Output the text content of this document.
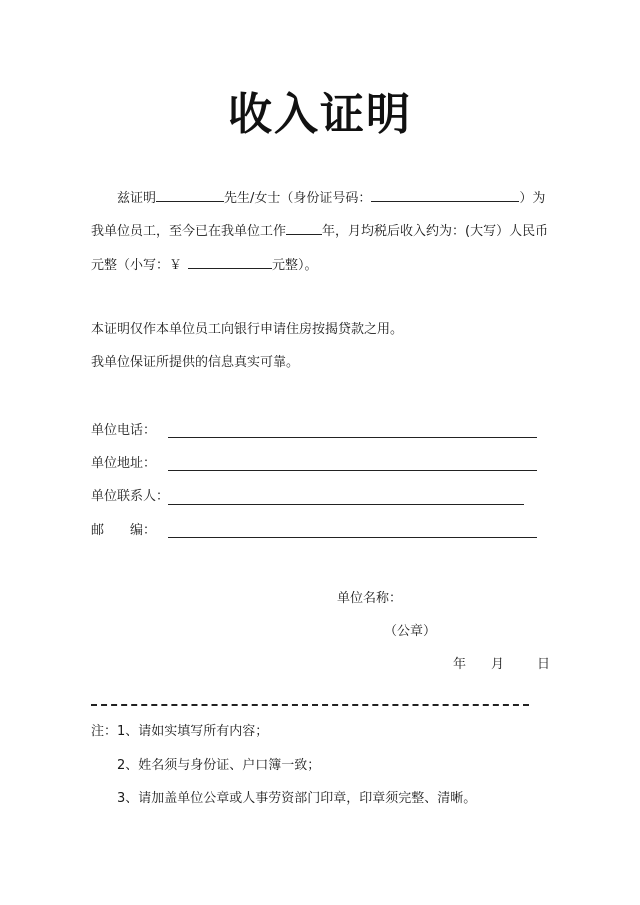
收入证明
兹证明	先生/女士（身份证号码：	）为
我单位员工，至今已在我单位工作	年，月均税后收入约为：(大写）人民币
元整（小写：￥	元整）。
本证明仅作本单位员工向银行申请住房按揭贷款之用。
我单位保证所提供的信息真实可靠。
单位电话：
单位地址：
单位联系人：
邮 编：
单位名称：
（公章）
年 月	日
注：1、请如实填写所有内容；
2、姓名须与身份证、户口簿一致；
3、请加盖单位公章或人事劳资部门印章，印章须完整、清晰。
